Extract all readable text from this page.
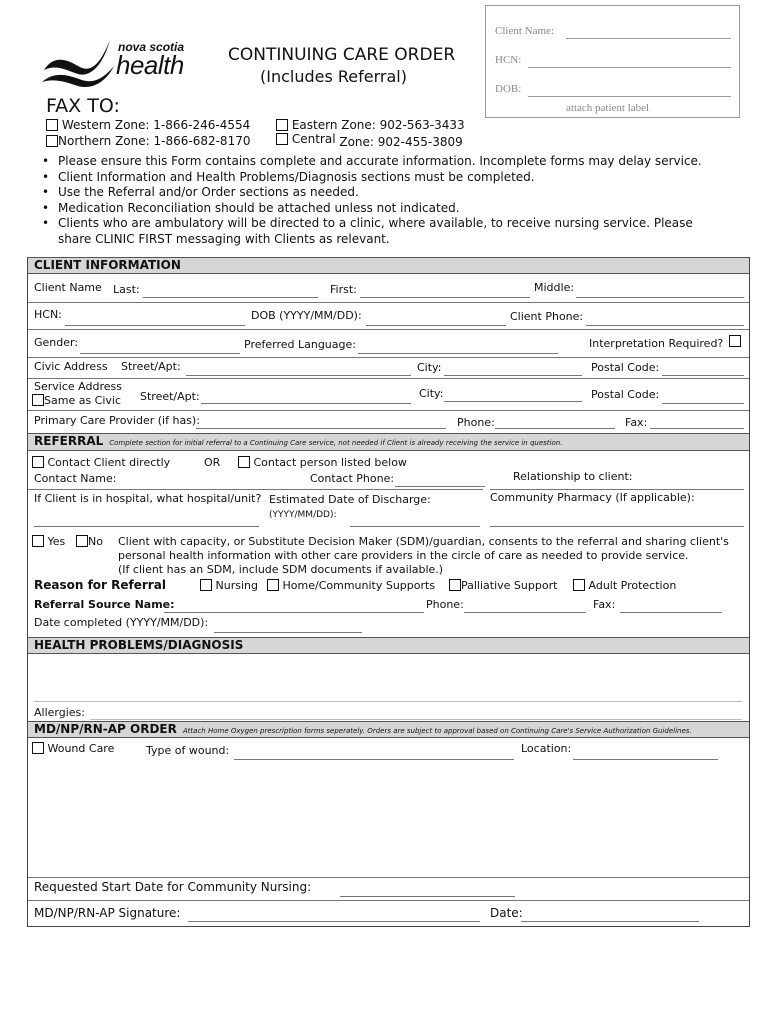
nova scotia
health	CONTINUING CARE ORDER
(Includes Referral)
Client Name:
HCN:
DOB:
attach patient label
FAX TO:
Western Zone: 1-866-246-4554	Eastern Zone: 902-563-3433
Northern Zone: 1-866-682-8170	Central Zone: 902-455-3809
• Please ensure this Form contains complete and accurate information. Incomplete forms may delay service.
• Client Information and Health Problems/Diagnosis sections must be completed.
• Use the Referral and/or Order sections as needed.
• Medication Reconciliation should be attached unless not indicated.
• Clients who are ambulatory will be directed to a clinic, where available, to receive nursing service. Please
share CLINIC FIRST messaging with Clients as relevant.
CLIENT INFORMATION
Client Name Last:	First:	Middle:
HCN:	DOB (YYYY/MM/DD):	Client Phone:
Gender:	Preferred Language:	Interpretation Required?
Civic Address Street/Apt:	City:	Postal Code:
Service Address
Same as Civic Street/Apt:	City:	Postal Code:
Primary Care Provider (if has):	Phone:	Fax:
REFERRAL Complete section for initial referral to a Continuing Care service, not needed if Client is already receiving the service in question.
Contact Client directly	OR	Contact person listed below
Contact Name:	Contact Phone:	Relationship to client:
If Client is in hospital, what hospital/unit? Estimated Date of Discharge:
(YYYY/MM/DD):
Community Pharmacy (If applicable):
Yes	No Client with capacity, or Substitute Decision Maker (SDM)/guardian, consents to the referral and sharing client's
personal health information with other care providers in the circle of care as needed to provide service.
(If client has an SDM, include SDM documents if available.)
Reason for Referral	Nursing	Home/Community Supports	Palliative Support	Adult Protection
Referral Source Name:	Phone:	Fax:
Date completed (YYYY/MM/DD):
HEALTH PROBLEMS/DIAGNOSIS
Allergies:
MD/NP/RN-AP ORDER Attach Home Oxygen prescription forms seperately. Orders are subject to approval based on Continuing Care's Service Authorization Guidelines.
Wound Care	Type of wound:	Location:
Requested Start Date for Community Nursing:
MD/NP/RN-AP Signature:	Date:
